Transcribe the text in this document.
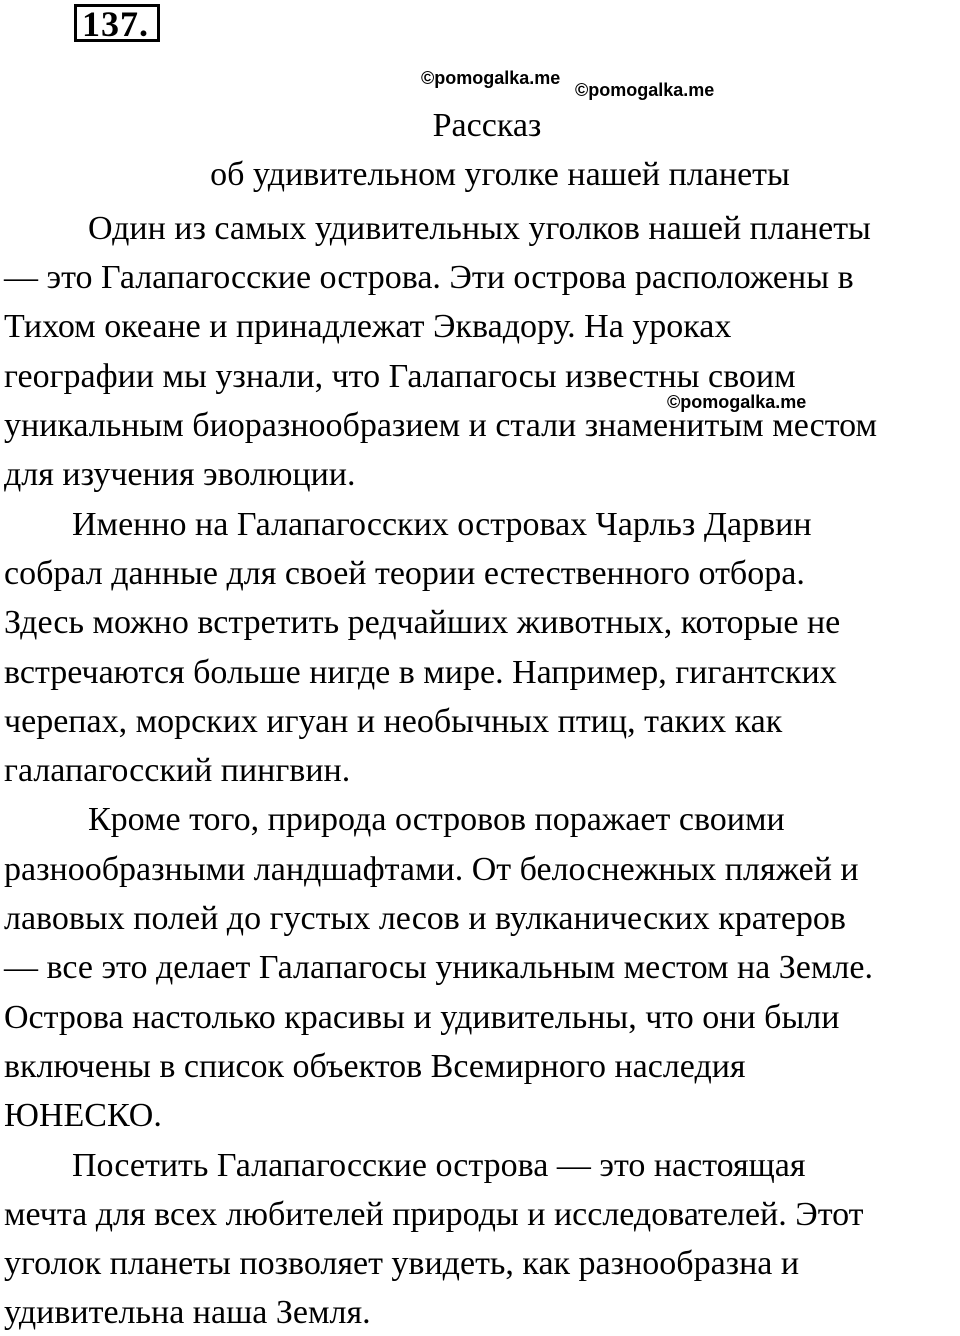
137.
©pomogalka.me
©pomogalka.me
Рассказ
об удивительном уголке нашей планеты
Один из самых удивительных уголков нашей планеты
— это Галапагосские острова. Эти острова расположены в
Тихом океане и принадлежат Эквадору. На уроках
географии мы узнали, что Галапагосы известны своим
уникальным биоразнообразием и стали знаменитым местом
для изучения эволюции.
©pomogalka.me
Именно на Галапагосских островах Чарльз Дарвин
собрал данные для своей теории естественного отбора.
Здесь можно встретить редчайших животных, которые не
встречаются больше нигде в мире. Например, гигантских
черепах, морских игуан и необычных птиц, таких как
галапагосский пингвин.
Кроме того, природа островов поражает своими
разнообразными ландшафтами. От белоснежных пляжей и
лавовых полей до густых лесов и вулканических кратеров
— все это делает Галапагосы уникальным местом на Земле.
Острова настолько красивы и удивительны, что они были
включены в список объектов Всемирного наследия
ЮНЕСКО.
Посетить Галапагосские острова — это настоящая
мечта для всех любителей природы и исследователей. Этот
уголок планеты позволяет увидеть, как разнообразна и
удивительна наша Земля.
